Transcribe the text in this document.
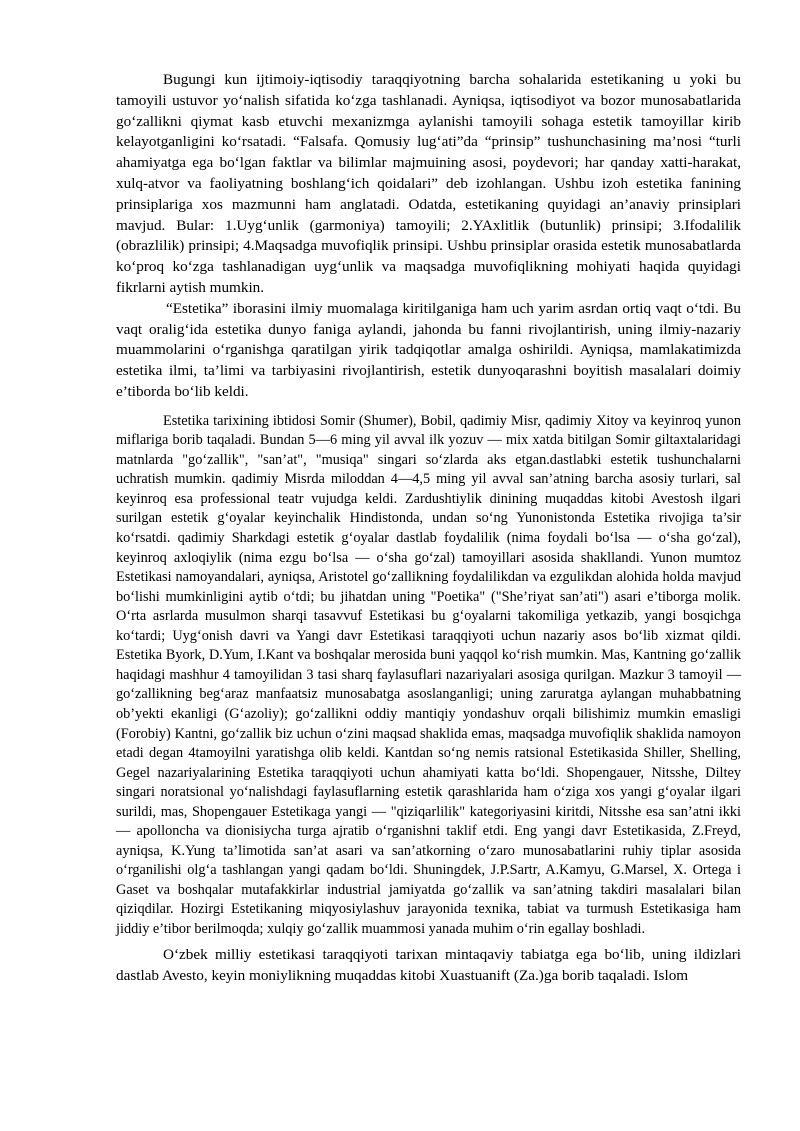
Bugungi kun ijtimoiy-iqtisodiy taraqqiyotning barcha sohalarida estetikaning u yoki bu tamoyili ustuvor yo‘nalish sifatida ko‘zga tashlanadi. Ayniqsa, iqtisodiyot va bozor munosabatlarida go‘zallikni qiymat kasb etuvchi mexanizmga aylanishi tamoyili sohaga estetik tamoyillar kirib kelayotganligini ko‘rsatadi. “Falsafa. Qomusiy lug‘ati”da “prinsip” tushunchasining ma’nosi “turli ahamiyatga ega bo‘lgan faktlar va bilimlar majmuining asosi, poydevori; har qanday xatti-harakat, xulq-atvor va faoliyatning boshlang‘ich qoidalari” deb izohlangan. Ushbu izoh estetika fanining prinsiplariga xos mazmunni ham anglatadi. Odatda, estetikaning quyidagi an’anaviy prinsiplari mavjud. Bular: 1.Uyg‘unlik (garmoniya) tamoyili; 2.YAxlitlik (butunlik) prinsipi; 3.Ifodalilik (obrazlilik) prinsipi; 4.Maqsadga muvofiqlik prinsipi. Ushbu prinsiplar orasida estetik munosabatlarda ko‘proq ko‘zga tashlanadigan uyg‘unlik va maqsadga muvofiqlikning mohiyati haqida quyidagi fikrlarni aytish mumkin.

“Estetika” iborasini ilmiy muomalaga kiritilganiga ham uch yarim asrdan ortiq vaqt o‘tdi. Bu vaqt oralig‘ida estetika dunyo faniga aylandi, jahonda bu fanni rivojlantirish, uning ilmiy-nazariy muammolarini o‘rganishga qaratilgan yirik tadqiqotlar amalga oshirildi. Ayniqsa, mamlakatimizda estetika ilmi, ta’limi va tarbiyasini rivojlantirish, estetik dunyoqarashni boyitish masalalari doimiy e’tiborda bo‘lib keldi.

Estetika tarixining ibtidosi Somir (Shumer), Bobil, qadimiy Misr, qadimiy Xitoy va keyinroq yunon miflariga borib taqaladi. Bundan 5—6 ming yil avval ilk yozuv — mix xatda bitilgan Somir giltaxtalaridagi matnlarda "go‘zallik", "san’at", "musiqa" singari so‘zlarda aks etgan.dastlabki estetik tushunchalarni uchratish mumkin. qadimiy Misrda miloddan 4—4,5 ming yil avval san’atning barcha asosiy turlari, sal keyinroq esa professional teatr vujudga keldi. Zardushtiylik dinining muqaddas kitobi Avestosh ilgari surilgan estetik g‘oyalar keyinchalik Hindistonda, undan so‘ng Yunonistonda Estetika rivojiga ta’sir ko‘rsatdi. qadimiy Sharkdagi estetik g‘oyalar dastlab foydalilik (nima foydali bo‘lsa — o‘sha go‘zal), keyinroq axloqiylik (nima ezgu bo‘lsa — o‘sha go‘zal) tamoyillari asosida shakllandi. Yunon mumtoz Estetikasi namoyandalari, ayniqsa, Aristotel go‘zallikning foydalilikdan va ezgulikdan alohida holda mavjud bo‘lishi mumkinligini aytib o‘tdi; bu jihatdan uning "Poetika" ("She’riyat san’ati") asari e’tiborga molik. O‘rta asrlarda musulmon sharqi tasavvuf Estetikasi bu g‘oyalarni takomiliga yetkazib, yangi bosqichga ko‘tardi; Uyg‘onish davri va Yangi davr Estetikasi taraqqiyoti uchun nazariy asos bo‘lib xizmat qildi. Estetika Byork, D.Yum, I.Kant va boshqalar merosida buni yaqqol ko‘rish mumkin. Mas, Kantning go‘zallik haqidagi mashhur 4 tamoyilidan 3 tasi sharq faylasuflari nazariyalari asosiga qurilgan. Mazkur 3 tamoyil — go‘zallikning beg‘araz manfaatsiz munosabatga asoslanganligi; uning zaruratga aylangan muhabbatning ob’yekti ekanligi (G‘azoliy); go‘zallikni oddiy mantiqiy yondashuv orqali bilishimiz mumkin emasligi (Forobiy) Kantni, go‘zallik biz uchun o‘zini maqsad shaklida emas, maqsadga muvofiqlik shaklida namoyon etadi degan 4tamoyilni yaratishga olib keldi. Kantdan so‘ng nemis ratsional Estetikasida Shiller, Shelling, Gegel nazariyalarining Estetika taraqqiyoti uchun ahamiyati katta bo‘ldi. Shopengauer, Nitsshe, Diltey singari noratsional yo‘nalishdagi faylasuflarning estetik qarashlarida ham o‘ziga xos yangi g‘oyalar ilgari surildi, mas, Shopengauer Estetikaga yangi — "qiziqarlilik" kategoriyasini kiritdi, Nitsshe esa san’atni ikki — apolloncha va dionisiycha turga ajratib o‘rganishni taklif etdi. Eng yangi davr Estetikasida, Z.Freyd, ayniqsa, K.Yung ta’limotida san’at asari va san’atkorning o‘zaro munosabatlarini ruhiy tiplar asosida o‘rganilishi olg‘a tashlangan yangi qadam bo‘ldi. Shuningdek, J.P.Sartr, A.Kamyu, G.Marsel, X. Ortega i Gaset va boshqalar mutafakkirlar industrial jamiyatda go‘zallik va san’atning takdiri masalalari bilan qiziqdilar. Hozirgi Estetikaning miqyosiylashuv jarayonida texnika, tabiat va turmush Estetikasiga ham jiddiy e’tibor berilmoqda; xulqiy go‘zallik muammosi yanada muhim o‘rin egallay boshladi.

O‘zbek milliy estetikasi taraqqiyoti tarixan mintaqaviy tabiatga ega bo‘lib, uning ildizlari dastlab Avesto, keyin moniylikning muqaddas kitobi Xuastuanift (Za.)ga borib taqaladi. Islom
